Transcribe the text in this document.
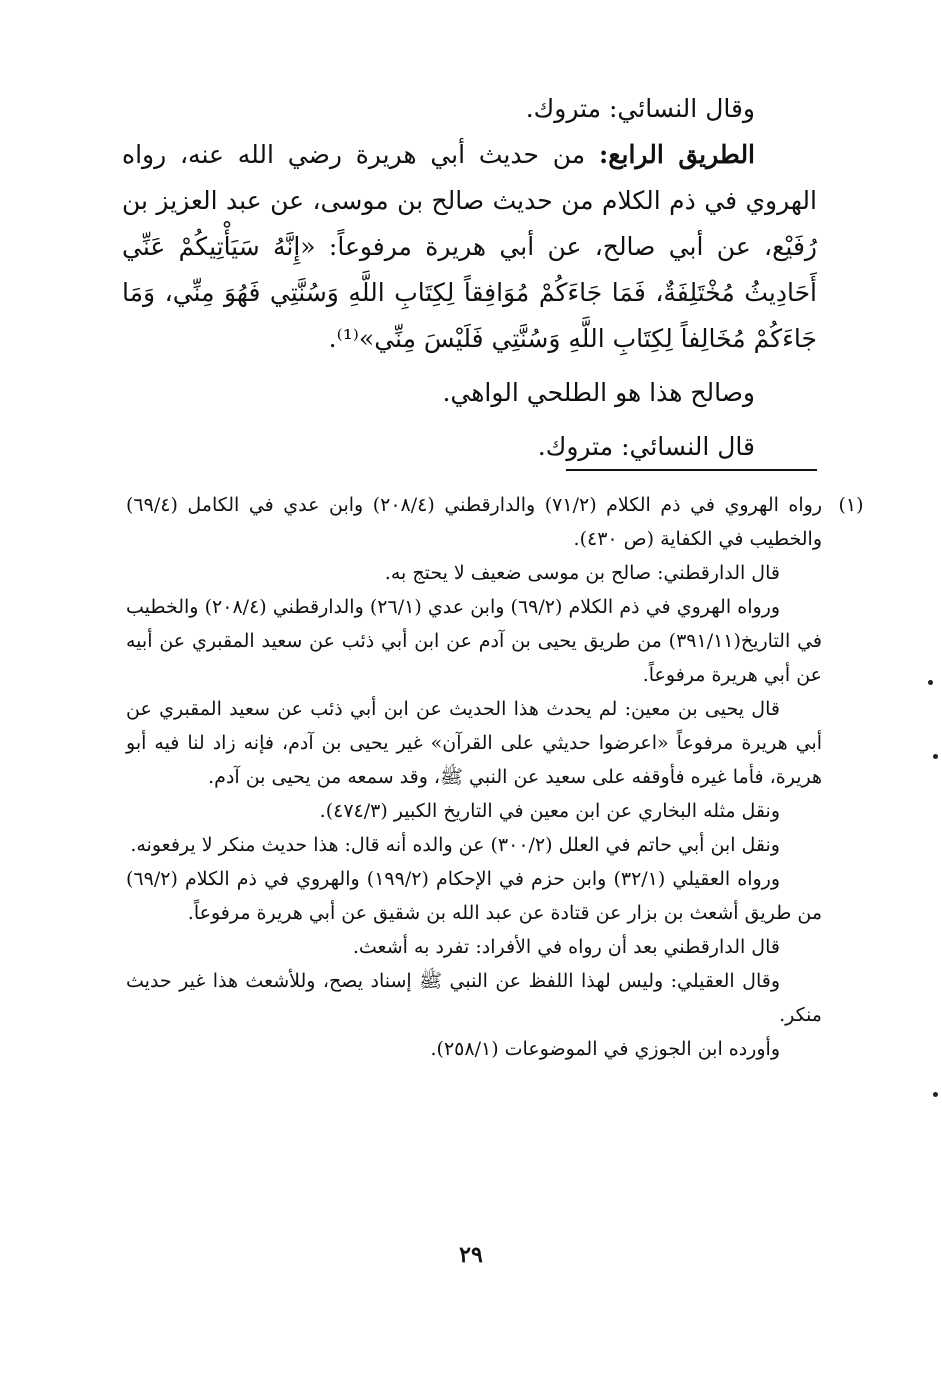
وقال النسائي: متروك.

الطريق الرابع: من حديث أبي هريرة رضي الله عنه، رواه الهروي في ذم الكلام من حديث صالح بن موسى، عن عبد العزيز بن رُفَيْع، عن أبي صالح، عن أبي هريرة مرفوعاً: «إِنَّهُ سَيَأْتِيكُمْ عَنِّي أَحَادِيثُ مُخْتَلِفَةٌ، فَمَا جَاءَكُمْ مُوَافِقاً لِكِتَابِ اللَّهِ وَسُنَّتِي فَهُوَ مِنِّي، وَمَا جَاءَكُمْ مُخَالِفاً لِكِتَابِ اللَّهِ وَسُنَّتِي فَلَيْسَ مِنِّي»⁽¹⁾.

وصالح هذا هو الطلحي الواهي.

قال النسائي: متروك.

(١)

رواه الهروي في ذم الكلام (٧١/٢) والدارقطني (٢٠٨/٤) وابن عدي في الكامل (٦٩/٤) والخطيب في الكفاية (ص ٤٣٠).

قال الدارقطني: صالح بن موسى ضعيف لا يحتج به.

ورواه الهروي في ذم الكلام (٦٩/٢) وابن عدي (٢٦/١) والدارقطني (٢٠٨/٤) والخطيب في التاريخ(٣٩١/١١) من طريق يحيى بن آدم عن ابن أبي ذئب عن سعيد المقبري عن أبيه عن أبي هريرة مرفوعاً.

قال يحيى بن معين: لم يحدث هذا الحديث عن ابن أبي ذئب عن سعيد المقبري عن أبي هريرة مرفوعاً «اعرضوا حديثي على القرآن» غير يحيى بن آدم، فإنه زاد لنا فيه أبو هريرة، فأما غيره فأوقفه على سعيد عن النبي ﷺ، وقد سمعه من يحيى بن آدم.

ونقل مثله البخاري عن ابن معين في التاريخ الكبير (٤٧٤/٣).

ونقل ابن أبي حاتم في العلل (٣٠٠/٢) عن والده أنه قال: هذا حديث منكر لا يرفعونه.

ورواه العقيلي (٣٢/١) وابن حزم في الإحكام (١٩٩/٢) والهروي في ذم الكلام (٦٩/٢) من طريق أشعث بن بزار عن قتادة عن عبد الله بن شقيق عن أبي هريرة مرفوعاً.

قال الدارقطني بعد أن رواه في الأفراد: تفرد به أشعث.

وقال العقيلي: وليس لهذا اللفظ عن النبي ﷺ إسناد يصح، وللأشعث هذا غير حديث منكر.

وأورده ابن الجوزي في الموضوعات (٢٥٨/١).

٢٩
